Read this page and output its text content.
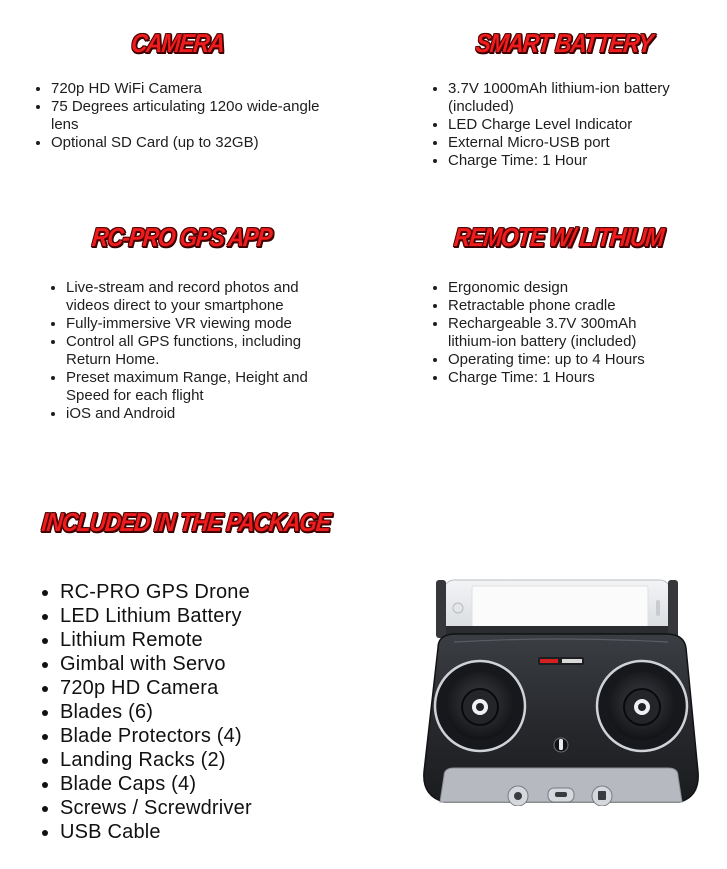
CAMERA
• 720p HD WiFi Camera
• 75 Degrees articulating 120o wide-angle lens
• Optional SD Card (up to 32GB)
SMART BATTERY
• 3.7V 1000mAh lithium-ion battery (included)
• LED Charge Level Indicator
• External Micro-USB port
• Charge Time: 1 Hour
RC-PRO GPS APP
• Live-stream and record photos and videos direct to your smartphone
• Fully-immersive VR viewing mode
• Control all GPS functions, including Return Home.
• Preset maximum Range, Height and Speed for each flight
• iOS and Android
REMOTE W/ LITHIUM
• Ergonomic design
• Retractable phone cradle
• Rechargeable 3.7V 300mAh lithium-ion battery (included)
• Operating time: up to 4 Hours
• Charge Time: 1 Hours
INCLUDED IN THE PACKAGE
• RC-PRO GPS Drone
• LED Lithium Battery
• Lithium Remote
• Gimbal with Servo
• 720p HD Camera
• Blades (6)
• Blade Protectors (4)
• Landing Racks (2)
• Blade Caps (4)
• Screws / Screwdriver
• USB Cable
